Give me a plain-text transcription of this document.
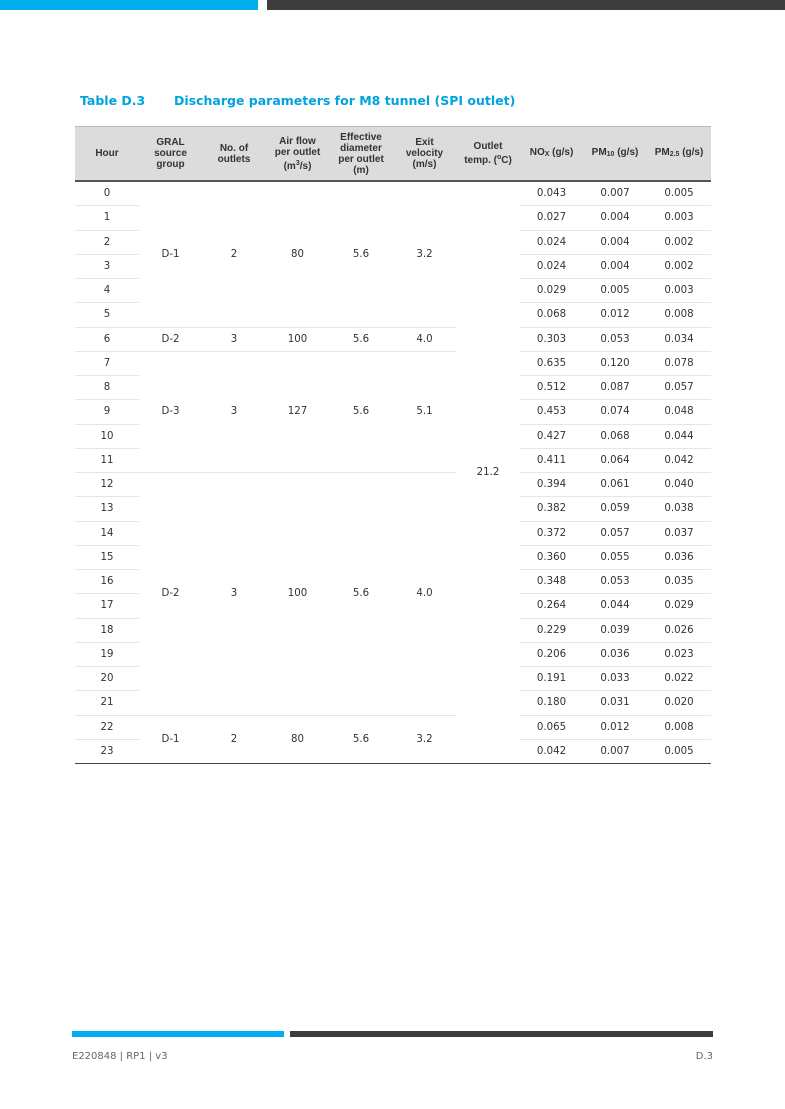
Table D.3 Discharge parameters for M8 tunnel (SPI outlet)
Hour	GRAL
source
group	No. of
outlets	Air flow
per outlet
$(m^3/s)$	Effective
diameter
per outlet
(m)	Exit
velocity
(m/s)	Outlet
temp. ($^o$C)	$NO_X$ (g/s)	$PM_{10}$ (g/s)	$PM_{2.5}$ (g/s)
0	D-1	2	80	5.6	3.2	21.2	0.043	0.007	0.005
1							0.027	0.004	0.003
2							0.024	0.004	0.002
3							0.024	0.004	0.002
4							0.029	0.005	0.003
5							0.068	0.012	0.008
6	D-2	3	100	5.6	4.0		0.303	0.053	0.034
7	D-3	3	127	5.6	5.1		0.635	0.120	0.078
8							0.512	0.087	0.057
9							0.453	0.074	0.048
10							0.427	0.068	0.044
11							0.411	0.064	0.042
12	D-2	3	100	5.6	4.0		0.394	0.061	0.040
13							0.382	0.059	0.038
14							0.372	0.057	0.037
15							0.360	0.055	0.036
16							0.348	0.053	0.035
17							0.264	0.044	0.029
18							0.229	0.039	0.026
19							0.206	0.036	0.023
20							0.191	0.033	0.022
21							0.180	0.031	0.020
22	D-1	2	80	5.6	3.2		0.065	0.012	0.008
23							0.042	0.007	0.005
E220848 | RP1 | v3	D.3
